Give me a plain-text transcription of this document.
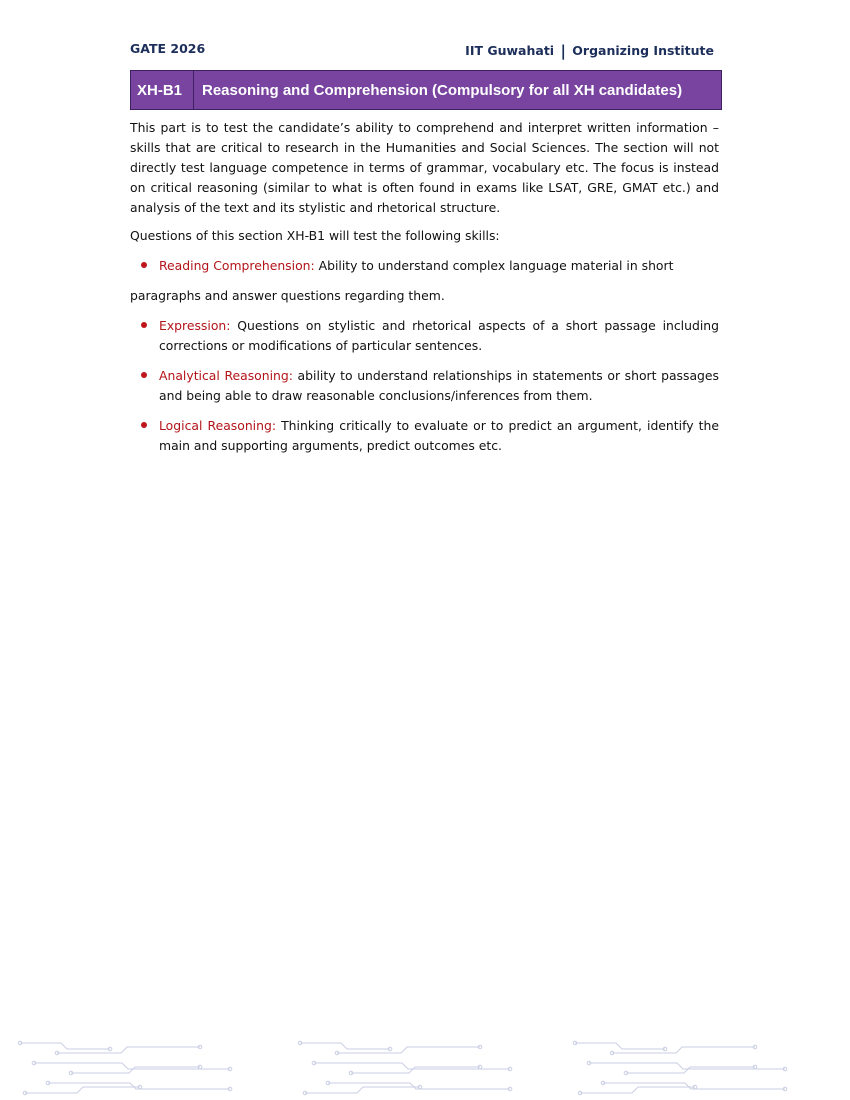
GATE 2026	IIT Guwahati | Organizing Institute
XH-B1	Reasoning and Comprehension (Compulsory for all XH candidates)

This part is to test the candidate’s ability to comprehend and interpret written information – skills that are critical to research in the Humanities and Social Sciences. The section will not directly test language competence in terms of grammar, vocabulary etc. The focus is instead on critical reasoning (similar to what is often found in exams like LSAT, GRE, GMAT etc.) and analysis of the text and its stylistic and rhetorical structure.

Questions of this section XH-B1 will test the following skills:

Reading Comprehension: Ability to understand complex language material in short

paragraphs and answer questions regarding them.

Expression: Questions on stylistic and rhetorical aspects of a short passage including corrections or modifications of particular sentences.
Analytical Reasoning: ability to understand relationships in statements or short passages and being able to draw reasonable conclusions/inferences from them.
Logical Reasoning: Thinking critically to evaluate or to predict an argument, identify the main and supporting arguments, predict outcomes etc.
